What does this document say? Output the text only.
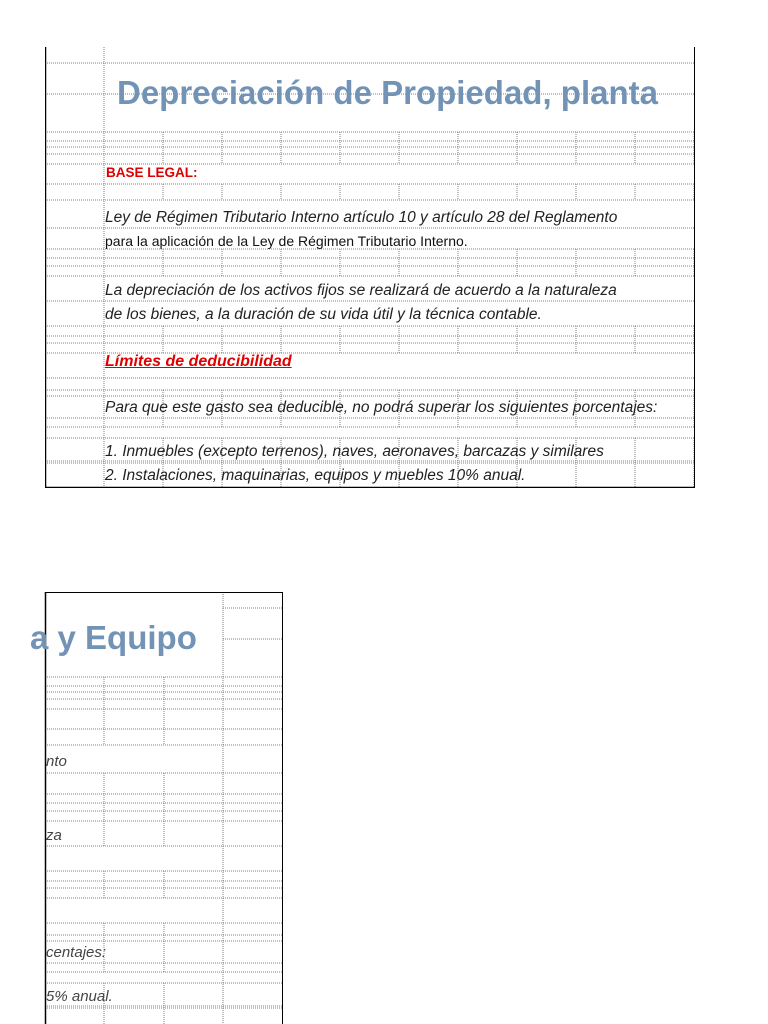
Depreciación de Propiedad, planta
BASE LEGAL:
Ley de Régimen Tributario Interno artículo 10 y artículo 28 del Reglamento
para la aplicación de la Ley de Régimen Tributario Interno.
La depreciación de los activos fijos se realizará de acuerdo a la naturaleza
de los bienes, a la duración de su vida útil y la técnica contable.
Límites de deducibilidad
Para que este gasto sea deducible, no podrá superar los siguientes porcentajes:
1. Inmuebles (excepto terrenos), naves, aeronaves, barcazas y similares
2. Instalaciones, maquinarias, equipos y muebles 10% anual.
a y Equipo
nto
za
centajes:
5% anual.
